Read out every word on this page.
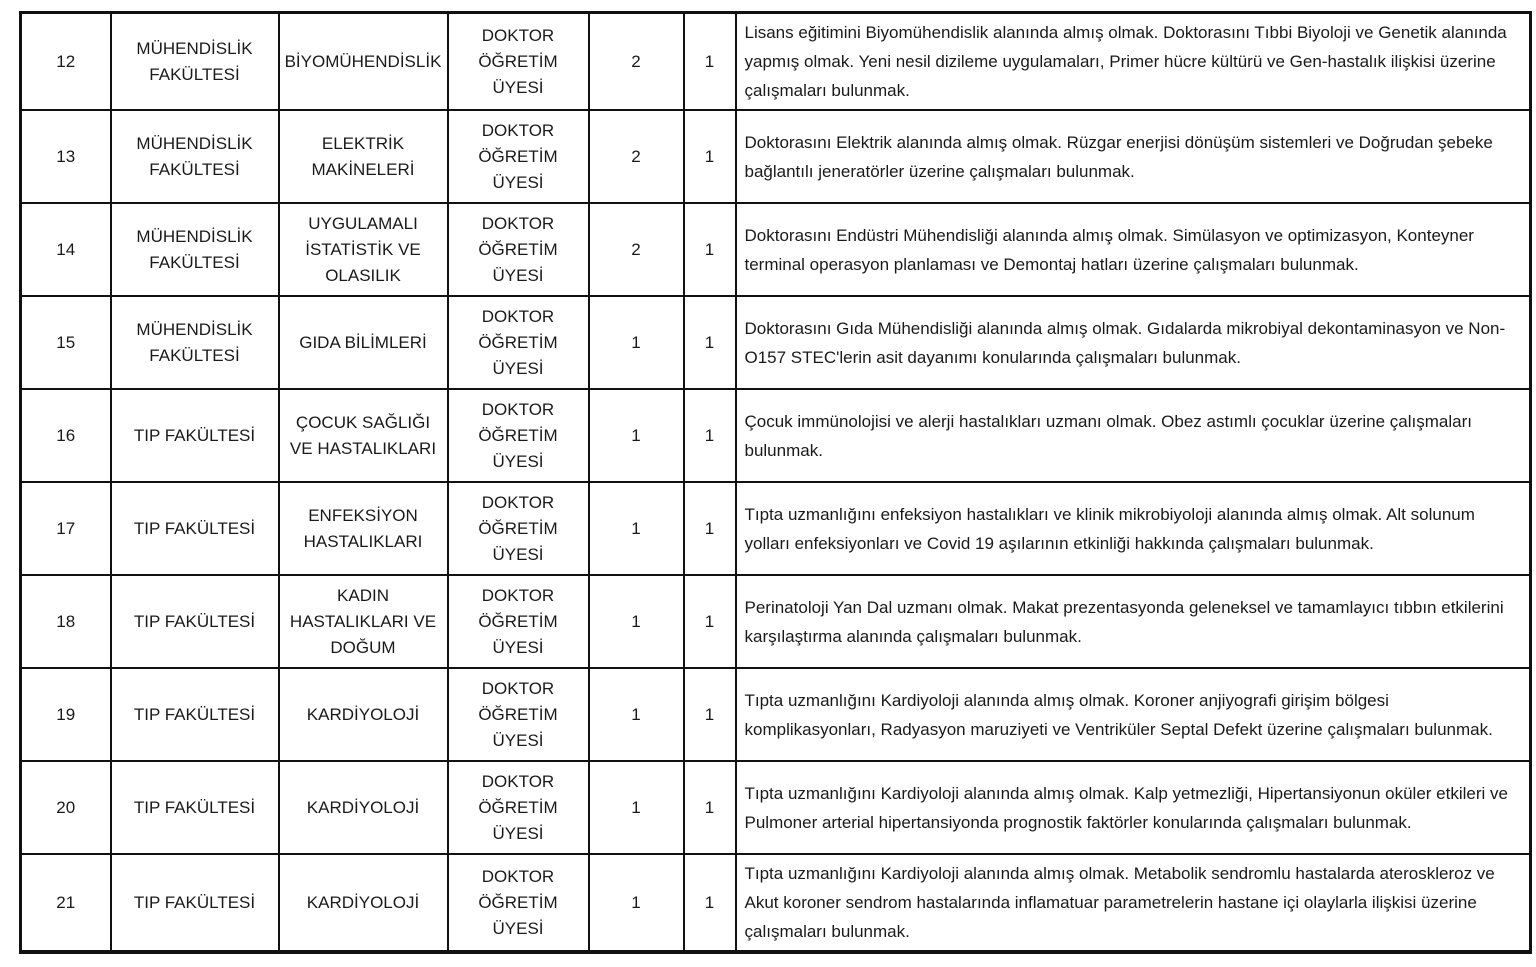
12	MÜHENDİSLİK FAKÜLTESİ	BİYOMÜHENDİSLİK	DOKTOR ÖĞRETİM ÜYESİ	2	1	Lisans eğitimini Biyomühendislik alanında almış olmak. Doktorasını Tıbbi Biyoloji ve Genetik alanında yapmış olmak. Yeni nesil dizileme uygulamaları, Primer hücre kültürü ve Gen-hastalık ilişkisi üzerine çalışmaları bulunmak.
13	MÜHENDİSLİK FAKÜLTESİ	ELEKTRİK MAKİNELERİ	DOKTOR ÖĞRETİM ÜYESİ	2	1	Doktorasını Elektrik alanında almış olmak. Rüzgar enerjisi dönüşüm sistemleri ve Doğrudan şebeke bağlantılı jeneratörler üzerine çalışmaları bulunmak.
14	MÜHENDİSLİK FAKÜLTESİ	UYGULAMALI İSTATİSTİK VE OLASILIK	DOKTOR ÖĞRETİM ÜYESİ	2	1	Doktorasını Endüstri Mühendisliği alanında almış olmak. Simülasyon ve optimizasyon, Konteyner terminal operasyon planlaması ve Demontaj hatları üzerine çalışmaları bulunmak.
15	MÜHENDİSLİK FAKÜLTESİ	GIDA BİLİMLERİ	DOKTOR ÖĞRETİM ÜYESİ	1	1	Doktorasını Gıda Mühendisliği alanında almış olmak. Gıdalarda mikrobiyal dekontaminasyon ve Non-O157 STEC'lerin asit dayanımı konularında çalışmaları bulunmak.
16	TIP FAKÜLTESİ	ÇOCUK SAĞLIĞI VE HASTALIKLARI	DOKTOR ÖĞRETİM ÜYESİ	1	1	Çocuk immünolojisi ve alerji hastalıkları uzmanı olmak. Obez astımlı çocuklar üzerine çalışmaları bulunmak.
17	TIP FAKÜLTESİ	ENFEKSİYON HASTALIKLARI	DOKTOR ÖĞRETİM ÜYESİ	1	1	Tıpta uzmanlığını enfeksiyon hastalıkları ve klinik mikrobiyoloji alanında almış olmak. Alt solunum yolları enfeksiyonları ve Covid 19 aşılarının etkinliği hakkında çalışmaları bulunmak.
18	TIP FAKÜLTESİ	KADIN HASTALIKLARI VE DOĞUM	DOKTOR ÖĞRETİM ÜYESİ	1	1	Perinatoloji Yan Dal uzmanı olmak. Makat prezentasyonda geleneksel ve tamamlayıcı tıbbın etkilerini karşılaştırma alanında çalışmaları bulunmak.
19	TIP FAKÜLTESİ	KARDİYOLOJİ	DOKTOR ÖĞRETİM ÜYESİ	1	1	Tıpta uzmanlığını Kardiyoloji alanında almış olmak. Koroner anjiyografi girişim bölgesi komplikasyonları, Radyasyon maruziyeti ve Ventriküler Septal Defekt üzerine çalışmaları bulunmak.
20	TIP FAKÜLTESİ	KARDİYOLOJİ	DOKTOR ÖĞRETİM ÜYESİ	1	1	Tıpta uzmanlığını Kardiyoloji alanında almış olmak. Kalp yetmezliği, Hipertansiyonun oküler etkileri ve Pulmoner arterial hipertansiyonda prognostik faktörler konularında çalışmaları bulunmak.
21	TIP FAKÜLTESİ	KARDİYOLOJİ	DOKTOR ÖĞRETİM ÜYESİ	1	1	Tıpta uzmanlığını Kardiyoloji alanında almış olmak. Metabolik sendromlu hastalarda ateroskleroz ve Akut koroner sendrom hastalarında inflamatuar parametrelerin hastane içi olaylarla ilişkisi üzerine çalışmaları bulunmak.
